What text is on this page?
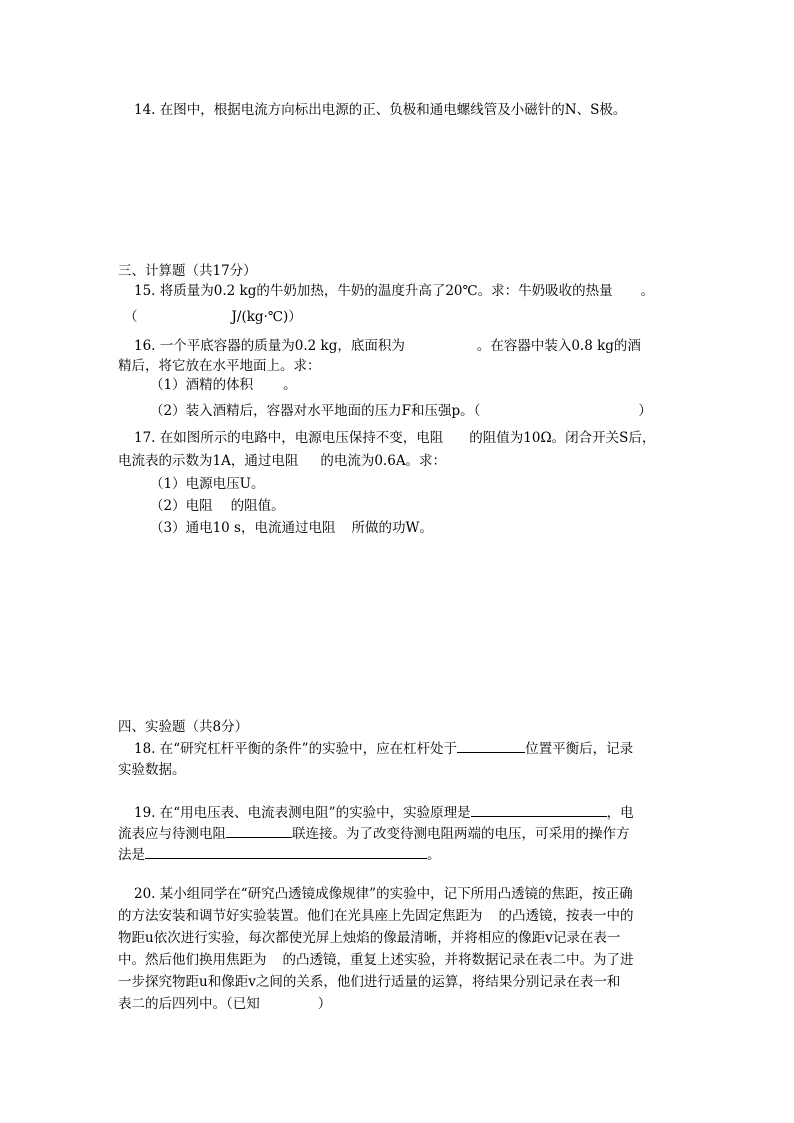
14. 在图中，根据电流方向标出电源的正、负极和通电螺线管及小磁针的N、S极。
三、计算题（共17分）
15. 将质量为0.2 kg的牛奶加热，牛奶的温度升高了20℃。求：牛奶吸收的热量 。
（	J/(kg·℃)）
16. 一个平底容器的质量为0.2 kg，底面积为	。在容器中装入0.8 kg的酒
精后，将它放在水平地面上。求：
（1）酒精的体积 。
（2）装入酒精后，容器对水平地面的压力F和压强p。（	）
17. 在如图所示的电路中，电源电压保持不变，电阻 的阻值为10Ω。闭合开关S后，
电流表的示数为1A，通过电阻 的电流为0.6A。求：
（1）电源电压U。
（2）电阻 的阻值。
（3）通电10 s，电流通过电阻 所做的功W。
四、实验题（共8分）
18. 在“研究杠杆平衡的条件”的实验中，应在杠杆处于	位置平衡后，记录
实验数据。
19. 在“用电压表、电流表测电阻”的实验中，实验原理是	，电
流表应与待测电阻	联连接。为了改变待测电阻两端的电压，可采用的操作方
法是	。
20. 某小组同学在“研究凸透镜成像规律”的实验中，记下所用凸透镜的焦距，按正确
的方法安装和调节好实验装置。他们在光具座上先固定焦距为 的凸透镜，按表一中的
物距u依次进行实验，每次都使光屏上烛焰的像最清晰，并将相应的像距v记录在表一
中。然后他们换用焦距为 的凸透镜，重复上述实验，并将数据记录在表二中。为了进
一步探究物距u和像距v之间的关系，他们进行适量的运算，将结果分别记录在表一和
表二的后四列中。（已知	）
